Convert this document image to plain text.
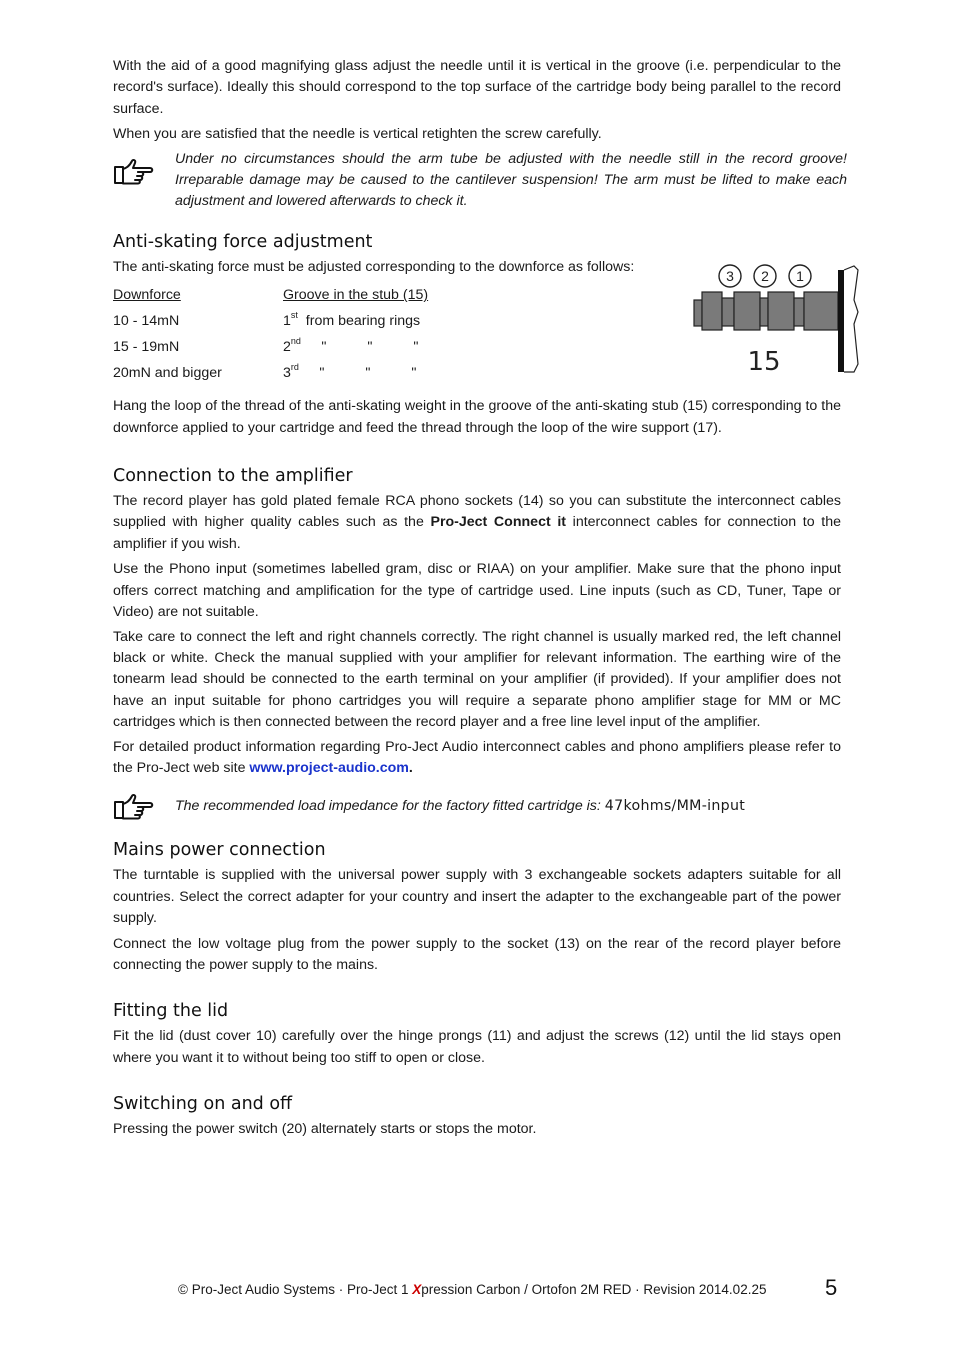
With the aid of a good magnifying glass adjust the needle until it is vertical in the groove (i.e. perpendicular to the record's surface). Ideally this should correspond to the top surface of the cartridge body being parallel to the record surface.

When you are satisfied that the needle is vertical retighten the screw carefully.

Under no circumstances should the arm tube be adjusted with the needle still in the record groove! Irreparable damage may be caused to the cantilever suspension! The arm must be lifted to make each adjustment and lowered afterwards to check it.

Anti-skating force adjustment

The anti-skating force must be adjusted corresponding to the downforce as follows:

Downforce	Groove in the stub (15)
10 - 14mN	1st from bearing rings
15 - 19mN	2nd "	"	"
20mN and bigger	3rd "	"	"

Hang the loop of the thread of the anti-skating weight in the groove of the anti-skating stub (15) corresponding to the downforce applied to your cartridge and feed the thread through the loop of the wire support (17).

Connection to the amplifier

The record player has gold plated female RCA phono sockets (14) so you can substitute the interconnect cables supplied with higher quality cables such as the Pro-Ject Connect it interconnect cables for connection to the amplifier if you wish.

Use the Phono input (sometimes labelled gram, disc or RIAA) on your amplifier. Make sure that the phono input offers correct matching and amplification for the type of cartridge used. Line inputs (such as CD, Tuner, Tape or Video) are not suitable.

Take care to connect the left and right channels correctly. The right channel is usually marked red, the left channel black or white. Check the manual supplied with your amplifier for relevant information. The earthing wire of the tonearm lead should be connected to the earth terminal on your amplifier (if provided). If your amplifier does not have an input suitable for phono cartridges you will require a separate phono amplifier stage for MM or MC cartridges which is then connected between the record player and a free line level input of the amplifier.

For detailed product information regarding Pro-Ject Audio interconnect cables and phono amplifiers please refer to the Pro-Ject web site www.project-audio.com.

The recommended load impedance for the factory fitted cartridge is: 47kohms/MM-input
Mains power connection

The turntable is supplied with the universal power supply with 3 exchangeable sockets adapters suitable for all countries. Select the correct adapter for your country and insert the adapter to the exchangeable part of the power supply.

Connect the low voltage plug from the power supply to the socket (13) on the rear of the record player before connecting the power supply to the mains.

Fitting the lid

Fit the lid (dust cover 10) carefully over the hinge prongs (11) and adjust the screws (12) until the lid stays open where you want it to without being too stiff to open or close.

Switching on and off

Pressing the power switch (20) alternately starts or stops the motor.

3 2 1
15
© Pro-Ject Audio Systems · Pro-Ject 1 Xpression Carbon / Ortofon 2M RED · Revision 2014.02.25	5
